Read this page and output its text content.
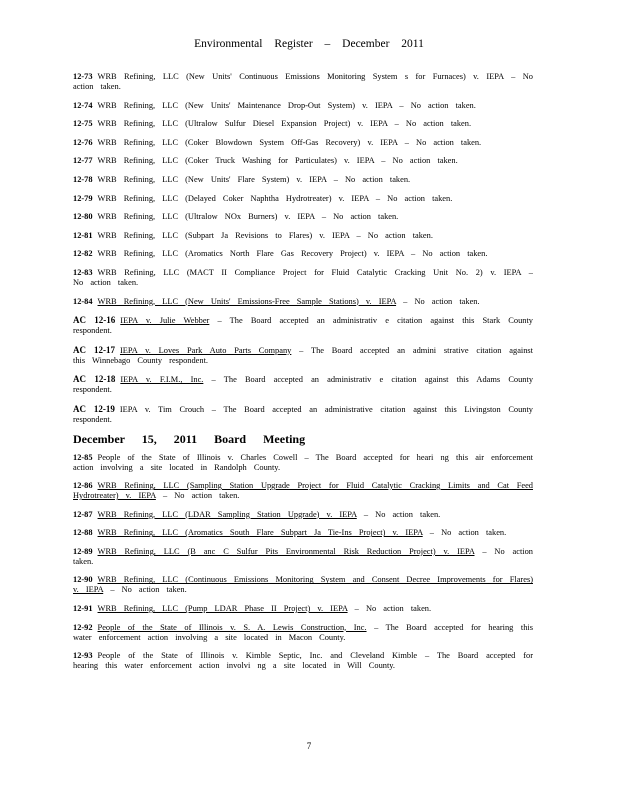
Environmental Register – December 2011
12-73 WRB Refining, LLC (New Units' Continuous Emissions Monitoring System s for Furnaces) v. IEPA – No action taken.
12-74 WRB Refining, LLC (New Units' Maintenance Drop-Out System) v. IEPA – No action taken.
12-75 WRB Refining, LLC (Ultralow Sulfur Diesel Expansion Project) v. IEPA – No action taken.
12-76 WRB Refining, LLC (Coker Blowdown System Off-Gas Recovery) v. IEPA – No action taken.
12-77 WRB Refining, LLC (Coker Truck Washing for Particulates) v. IEPA – No action taken.
12-78 WRB Refining, LLC (New Units' Flare System) v. IEPA – No action taken.
12-79 WRB Refining, LLC (Delayed Coker Naphtha Hydrotreater) v. IEPA – No action taken.
12-80 WRB Refining, LLC (Ultralow NOx Burners) v. IEPA – No action taken.
12-81 WRB Refining, LLC (Subpart Ja Revisions to Flares) v. IEPA – No action taken.
12-82 WRB Refining, LLC (Aromatics North Flare Gas Recovery Project) v. IEPA – No action taken.
12-83 WRB Refining, LLC (MACT II Compliance Project for Fluid Catalytic Cracking Unit No. 2) v. IEPA – No action taken.
12-84 WRB Refining, LLC (New Units' Emissions-Free Sample Stations) v. IEPA – No action taken.
AC 12-16 IEPA v. Julie Webber – The Board accepted an administrativ e citation against this Stark County respondent.
AC 12-17 IEPA v. Loves Park Auto Parts Company – The Board accepted an admini strative citation against this Winnebago County respondent.
AC 12-18 IEPA v. F.I.M., Inc. – The Board accepted an administrativ e citation against this Adams County respondent.
AC 12-19 IEPA v. Tim Crouch – The Board accepted an administrative citation against this Livingston County respondent.
December 15, 2011 Board Meeting
12-85 People of the State of Illinois v. Charles Cowell – The Board accepted for heari ng this air enforcement action involving a site located in Randolph County.
12-86 WRB Refining, LLC (Sampling Station Upgrade Project for Fluid Catalytic Cracking Limits and Cat Feed Hydrotreater) v. IEPA – No action taken.
12-87 WRB Refining, LLC (LDAR Sampling Station Upgrade) v. IEPA – No action taken.
12-88 WRB Refining, LLC (Aromatics South Flare Subpart Ja Tie-Ins Project) v. IEPA – No action taken.
12-89 WRB Refining, LLC (B anc C Sulfur Pits Environmental Risk Reduction Project) v. IEPA – No action taken.
12-90 WRB Refining, LLC (Continuous Emissions Monitoring System and Consent Decree Improvements for Flares) v. IEPA – No action taken.
12-91 WRB Refining, LLC (Pump LDAR Phase II Project) v. IEPA – No action taken.
12-92 People of the State of Illinois v. S. A. Lewis Construction, Inc. – The Board accepted for hearing this water enforcement action involving a site located in Macon County.
12-93 People of the State of Illinois v. Kimble Septic, Inc. and Cleveland Kimble – The Board accepted for hearing this water enforcement action involvi ng a site located in Will County.
7
